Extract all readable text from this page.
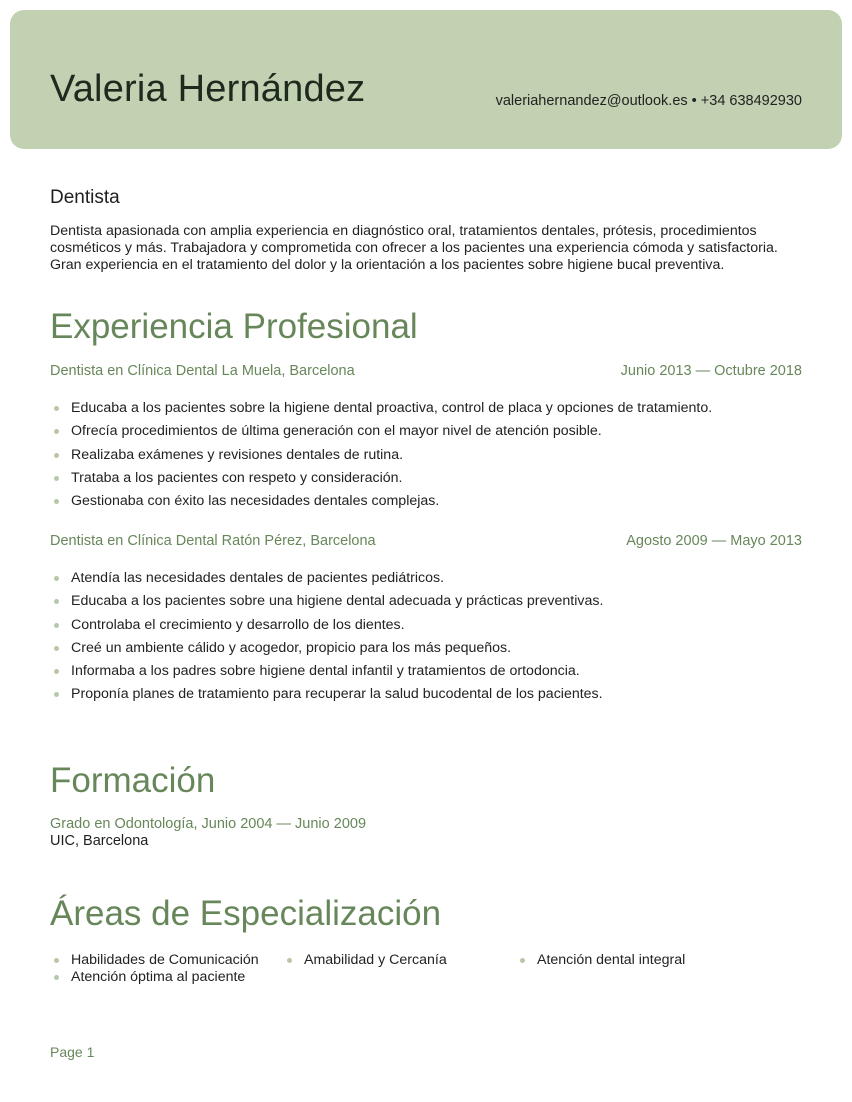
Valeria Hernández	valeriahernandez@outlook.es • +34 638492930
Dentista
Dentista apasionada con amplia experiencia en diagnóstico oral, tratamientos dentales, prótesis, procedimientos cosméticos y más. Trabajadora y comprometida con ofrecer a los pacientes una experiencia cómoda y satisfactoria. Gran experiencia en el tratamiento del dolor y la orientación a los pacientes sobre higiene bucal preventiva.
Experiencia Profesional
Dentista en Clínica Dental La Muela, Barcelona	Junio 2013 — Octubre 2018
Educaba a los pacientes sobre la higiene dental proactiva, control de placa y opciones de tratamiento.
Ofrecía procedimientos de última generación con el mayor nivel de atención posible.
Realizaba exámenes y revisiones dentales de rutina.
Trataba a los pacientes con respeto y consideración.
Gestionaba con éxito las necesidades dentales complejas.
Dentista en Clínica Dental Ratón Pérez, Barcelona	Agosto 2009 — Mayo 2013
Atendía las necesidades dentales de pacientes pediátricos.
Educaba a los pacientes sobre una higiene dental adecuada y prácticas preventivas.
Controlaba el crecimiento y desarrollo de los dientes.
Creé un ambiente cálido y acogedor, propicio para los más pequeños.
Informaba a los padres sobre higiene dental infantil y tratamientos de ortodoncia.
Proponía planes de tratamiento para recuperar la salud bucodental de los pacientes.
Formación
Grado en Odontología, Junio 2004 — Junio 2009
UIC, Barcelona
Áreas de Especialización
Habilidades de Comunicación	Amabilidad y Cercanía	Atención dental integral
Atención óptima al paciente
Page 1
